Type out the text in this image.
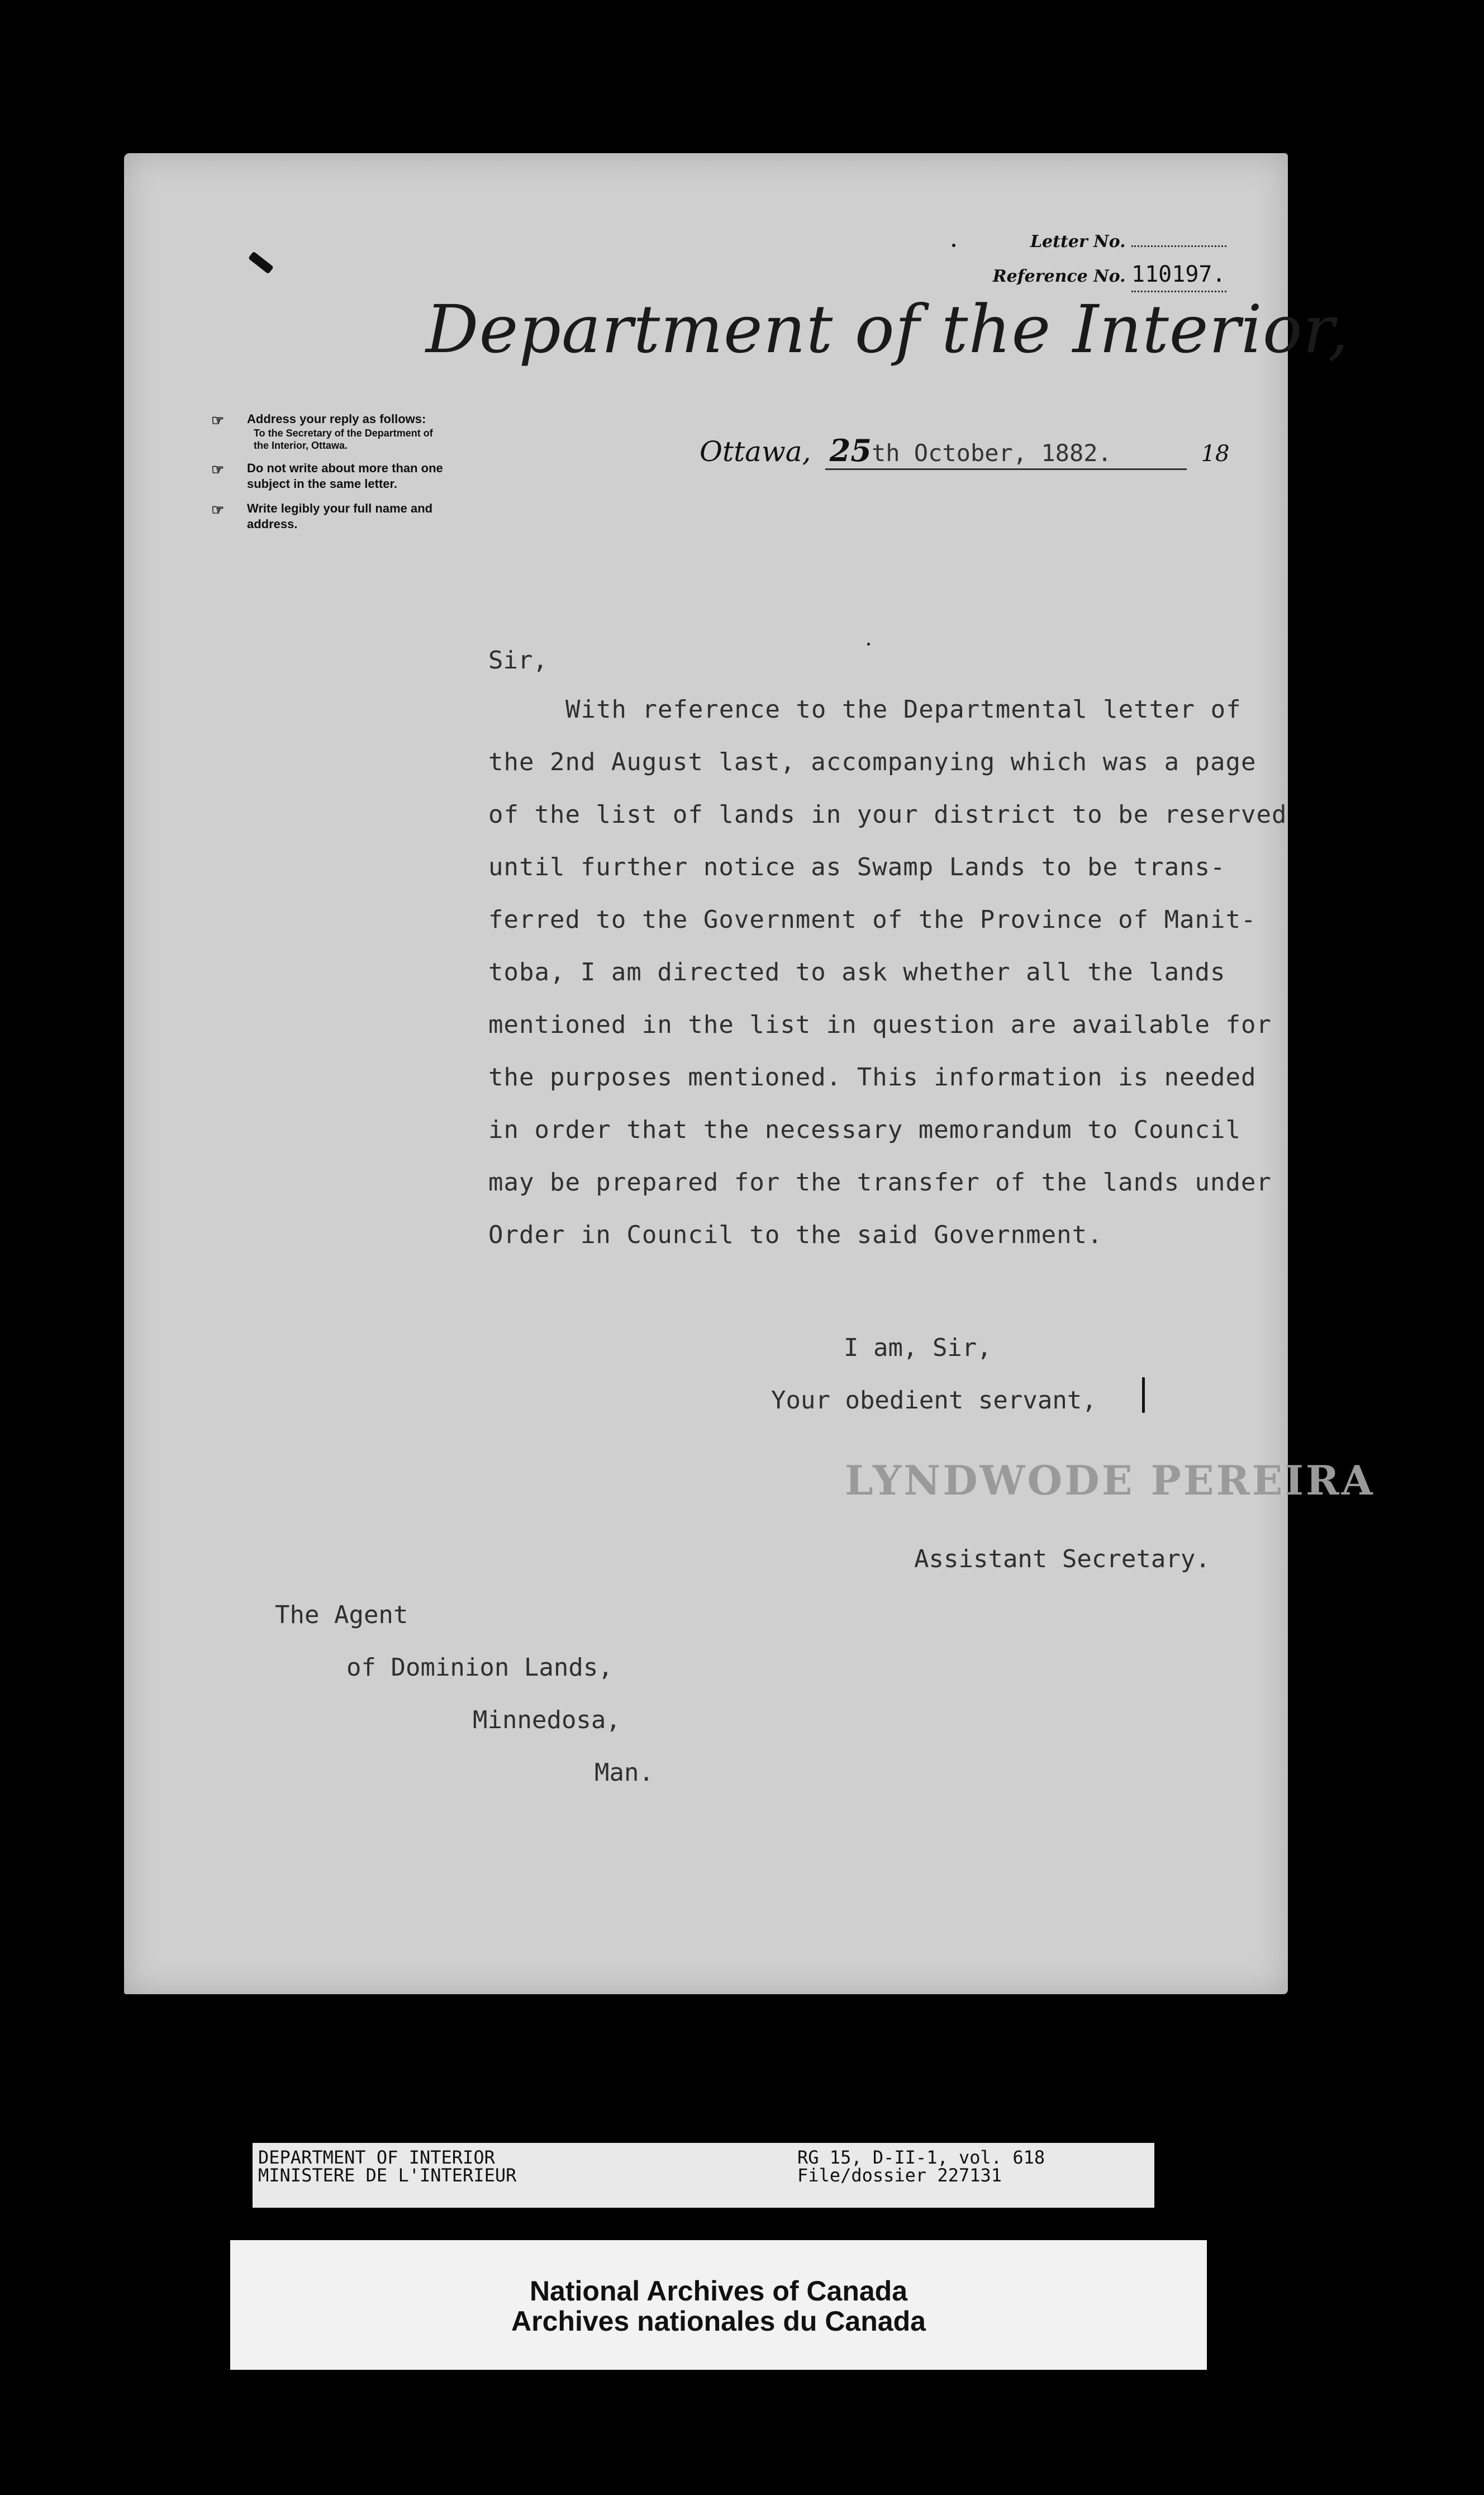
Letter No.
Reference No. 110197.
Department of the Interior,
☞ Address your reply as follows:
To the Secretary of the Department of the Interior, Ottawa.
☞ Do not write about more than one subject in the same letter.
☞ Write legibly your full name and address.
Ottawa, 25th October, 1882.	18
Sir,
With reference to the Departmental letter of
the 2nd August last, accompanying which was a page
of the list of lands in your district to be reserved
until further notice as Swamp Lands to be trans-
ferred to the Government of the Province of Manit-
toba, I am directed to ask whether all the lands
mentioned in the list in question are available for
the purposes mentioned. This information is needed
in order that the necessary memorandum to Council
may be prepared for the transfer of the lands under
Order in Council to the said Government.
I am, Sir,
Your obedient servant,
LYNDWODE PEREIRA
Assistant Secretary.
The Agent
of Dominion Lands,
Minnedosa,
Man.
DEPARTMENT OF INTERIOR
MINISTERE DE L'INTERIEUR
RG 15, D-II-1, vol. 618
File/dossier 227131
National Archives of Canada
Archives nationales du Canada
